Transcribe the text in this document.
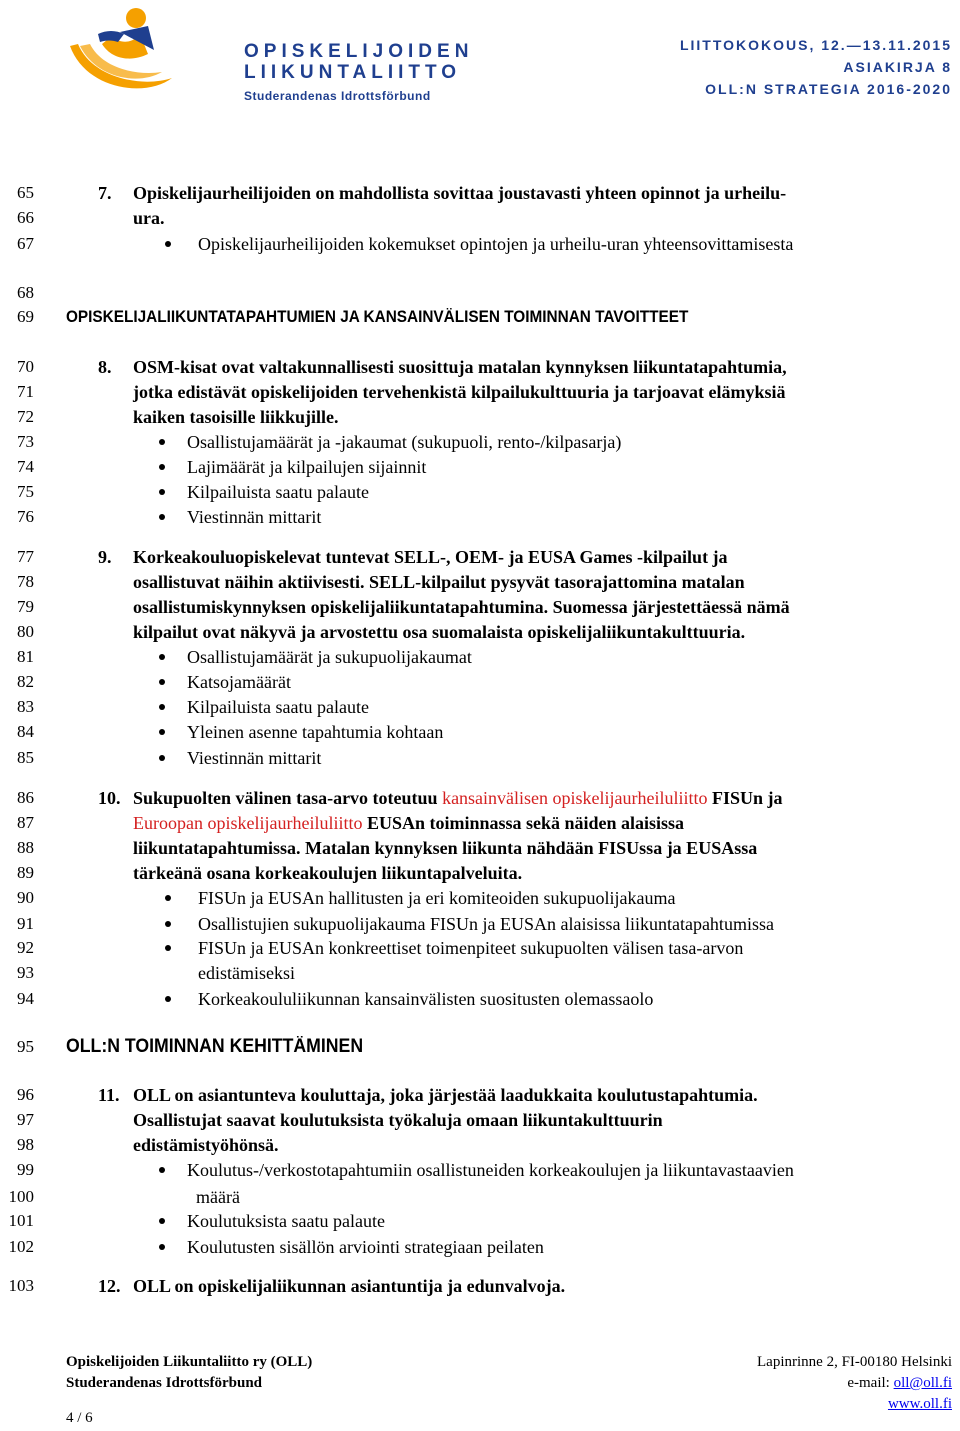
OPISKELIJOIDEN
LIIKUNTALIITTO
Studerandenas Idrottsförbund
LIITTOKOKOUS, 12.—13.11.2015
ASIAKIRJA 8
OLL:N STRATEGIA 2016-2020
65
66
67
68
69
70
71
72
73
74
75
76
77
78
79
80
81
82
83
84
85
86
87
88
89
90
91
92
93
94
95
96
97
98
99
100
101
102
103
7. Opiskelijaurheilijoiden on mahdollista sovittaa joustavasti yhteen opinnot ja urheilu-
ura.
Opiskelijaurheilijoiden kokemukset opintojen ja urheilu-uran yhteensovittamisesta
OPISKELIJALIIKUNTATAPAHTUMIEN JA KANSAINVÄLISEN TOIMINNAN TAVOITTEET
8. OSM-kisat ovat valtakunnallisesti suosittuja matalan kynnyksen liikuntatapahtumia,
jotka edistävät opiskelijoiden tervehenkistä kilpailukulttuuria ja tarjoavat elämyksiä
kaiken tasoisille liikkujille.
Osallistujamäärät ja -jakaumat (sukupuoli, rento-/kilpasarja)
Lajimäärät ja kilpailujen sijainnit
Kilpailuista saatu palaute
Viestinnän mittarit
9. Korkeakouluopiskelevat tuntevat SELL-, OEM- ja EUSA Games -kilpailut ja
osallistuvat näihin aktiivisesti. SELL-kilpailut pysyvät tasorajattomina matalan
osallistumiskynnyksen opiskelijaliikuntatapahtumina. Suomessa järjestettäessä nämä
kilpailut ovat näkyvä ja arvostettu osa suomalaista opiskelijaliikuntakulttuuria.
Osallistujamäärät ja sukupuolijakaumat
Katsojamäärät
Kilpailuista saatu palaute
Yleinen asenne tapahtumia kohtaan
Viestinnän mittarit
10. Sukupuolten välinen tasa-arvo toteutuu kansainvälisen opiskelijaurheiluliitto FISUn ja
Euroopan opiskelijaurheiluliitto EUSAn toiminnassa sekä näiden alaisissa
liikuntatapahtumissa. Matalan kynnyksen liikunta nähdään FISUssa ja EUSAssa
tärkeänä osana korkeakoulujen liikuntapalveluita.
FISUn ja EUSAn hallitusten ja eri komiteoiden sukupuolijakauma
Osallistujien sukupuolijakauma FISUn ja EUSAn alaisissa liikuntatapahtumissa
FISUn ja EUSAn konkreettiset toimenpiteet sukupuolten välisen tasa-arvon
edistämiseksi
Korkeakoululiikunnan kansainvälisten suositusten olemassaolo
OLL:N TOIMINNAN KEHITTÄMINEN
11. OLL on asiantunteva kouluttaja, joka järjestää laadukkaita koulutustapahtumia.
Osallistujat saavat koulutuksista työkaluja omaan liikuntakulttuurin
edistämistyöhönsä.
Koulutus-/verkostotapahtumiin osallistuneiden korkeakoulujen ja liikuntavastaavien
määrä
Koulutuksista saatu palaute
Koulutusten sisällön arviointi strategiaan peilaten
12. OLL on opiskelijaliikunnan asiantuntija ja edunvalvoja.
Opiskelijoiden Liikuntaliitto ry (OLL)
Studerandenas Idrottsförbund
Lapinrinne 2, FI-00180 Helsinki
e-mail: oll@oll.fi
www.oll.fi
4 / 6
